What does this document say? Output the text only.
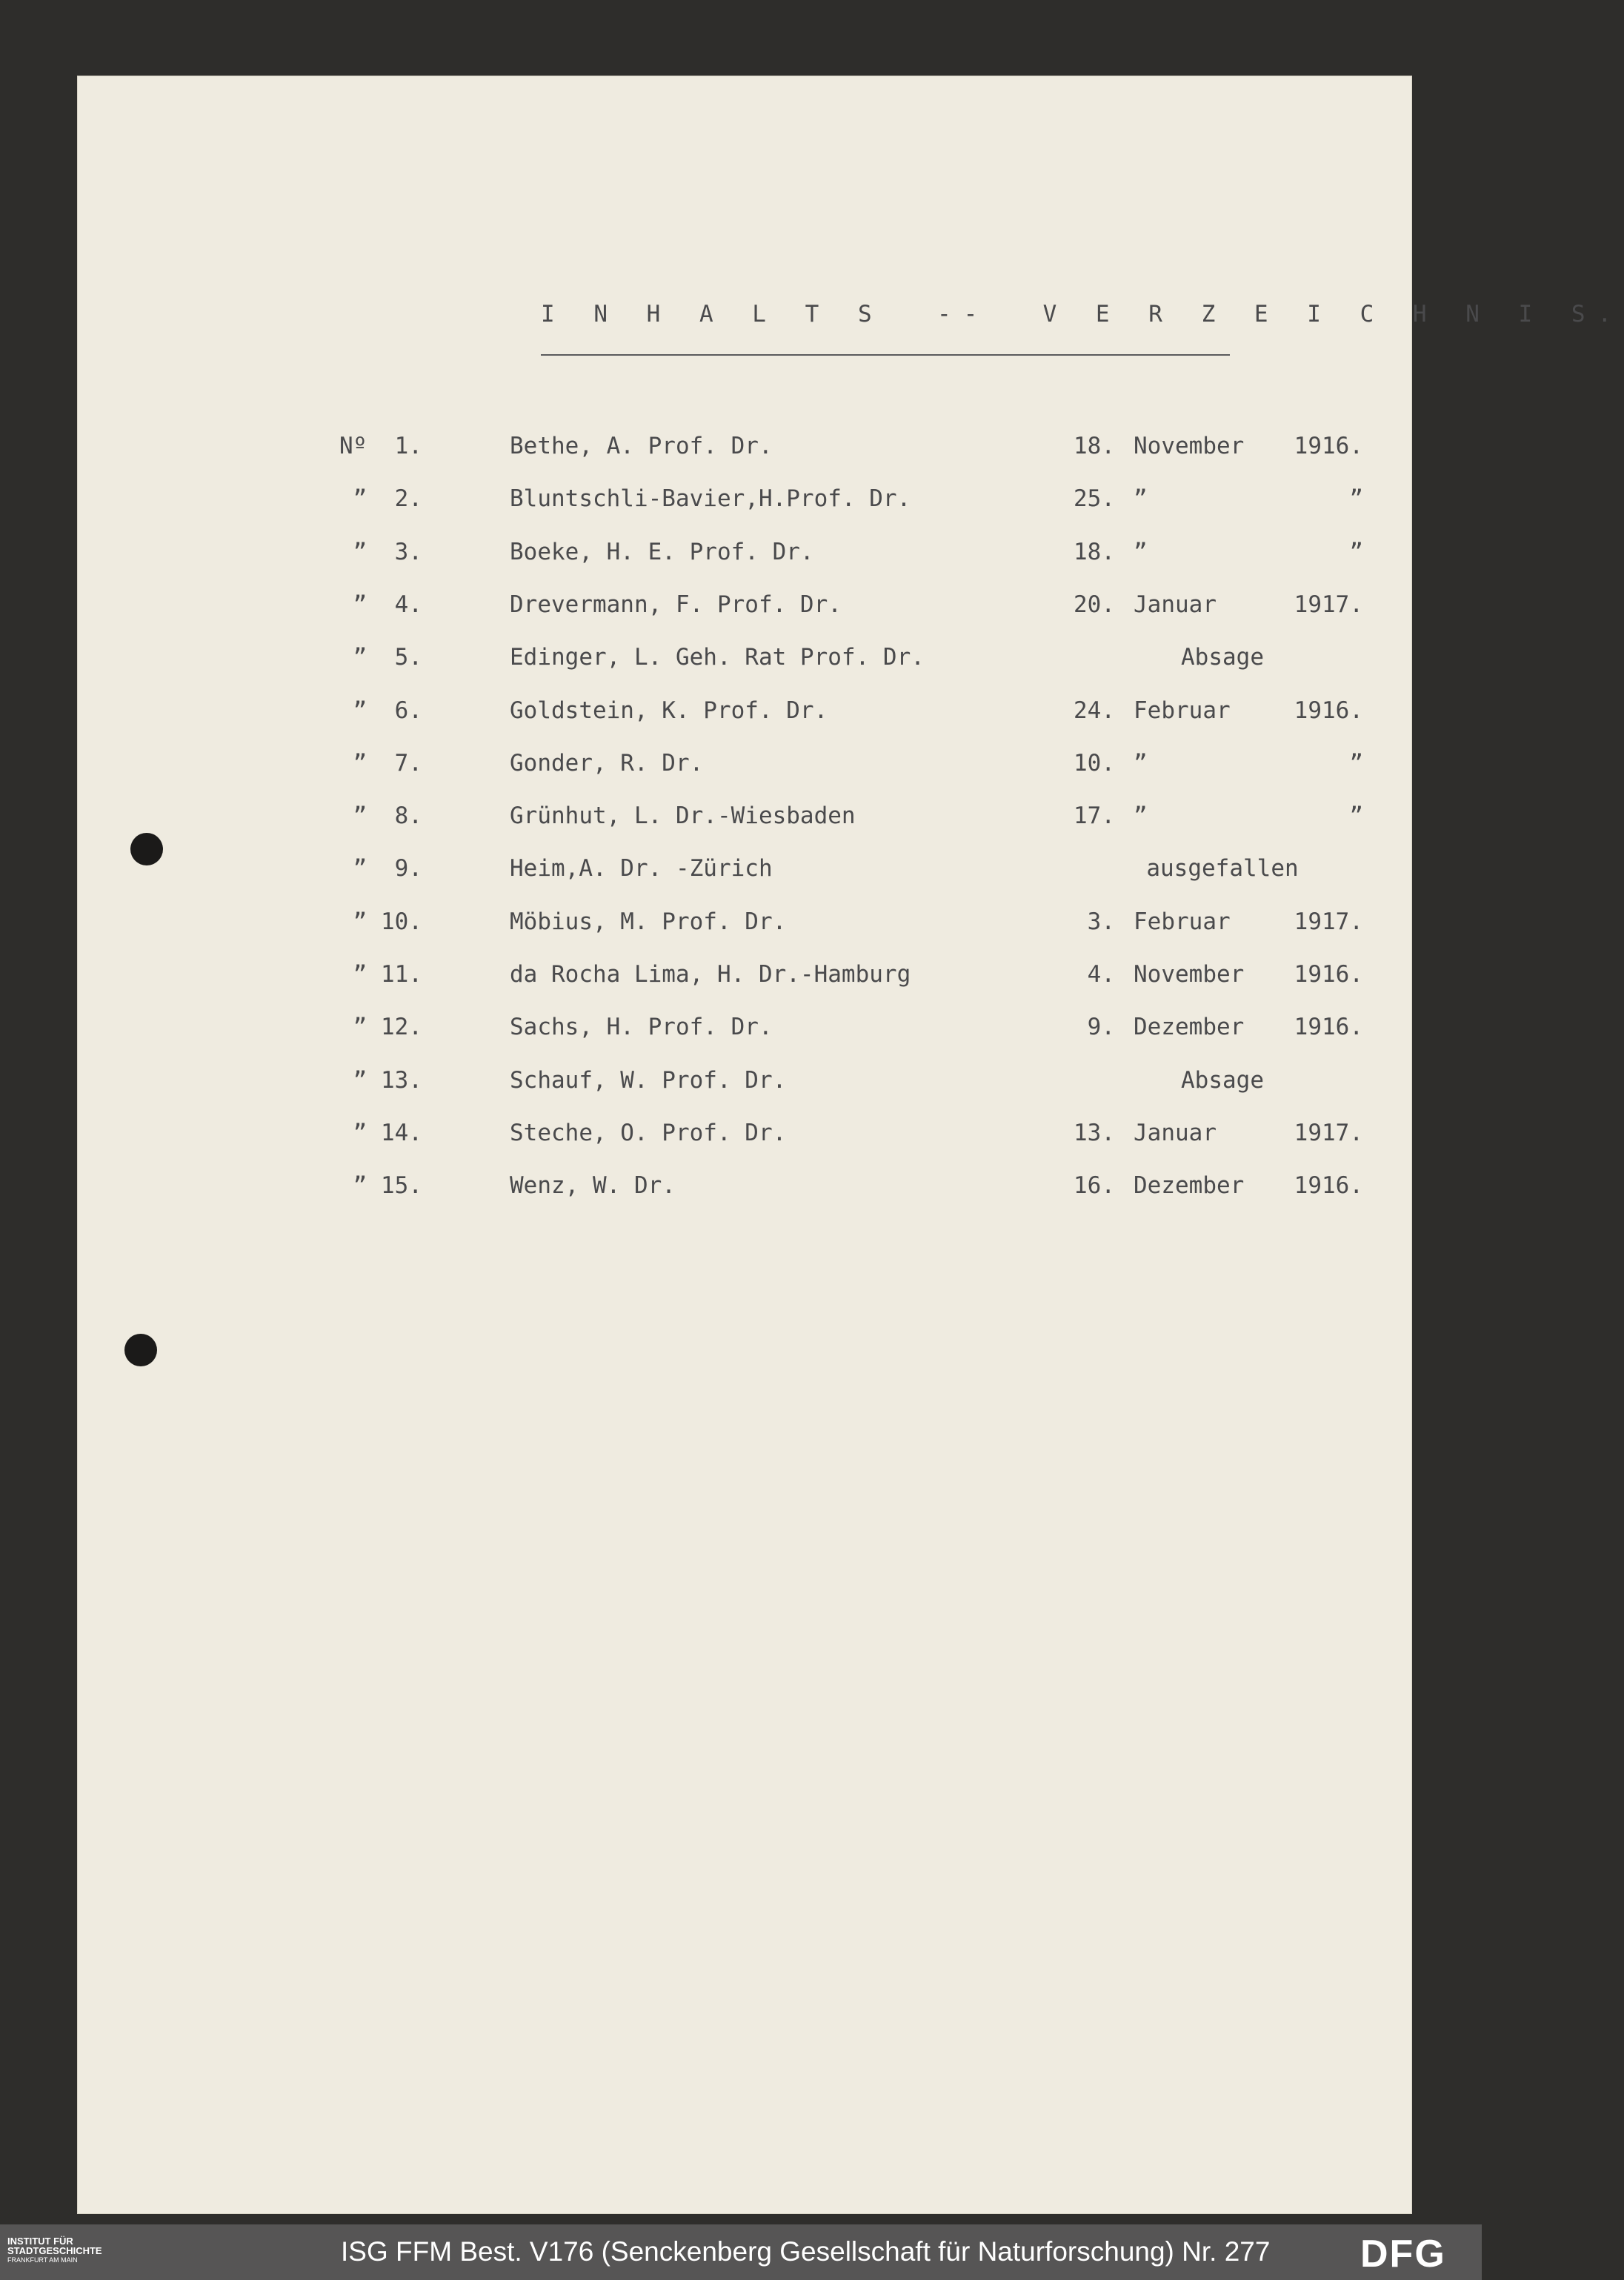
I N H A L T S  --  V E R Z E I C H N I S.
Nº  1.	Bethe, A. Prof. Dr.	18. November	1916.
”  2.	Bluntschli-Bavier,H.Prof. Dr.	25. ”	”
”  3.	Boeke, H. E. Prof. Dr.	18. ”	”
”  4.	Drevermann, F. Prof. Dr.	20. Januar	1917.
”  5.	Edinger, L. Geh. Rat Prof. Dr.	Absage
”  6.	Goldstein, K. Prof. Dr.	24. Februar	1916.
”  7.	Gonder, R. Dr.	10. ”	”
”  8.	Grünhut, L. Dr.-Wiesbaden	17. ”	”
”  9.	Heim,A. Dr. -Zürich	ausgefallen
” 10.	Möbius, M. Prof. Dr.	3. Februar	1917.
” 11.	da Rocha Lima, H. Dr.-Hamburg	4. November	1916.
” 12.	Sachs, H. Prof. Dr.	9. Dezember	1916.
” 13.	Schauf, W. Prof. Dr.	Absage
” 14.	Steche, O. Prof. Dr.	13. Januar	1917.
” 15.	Wenz, W. Dr.	16. Dezember	1916.
INSTITUT FÜR
STADTGESCHICHTE
FRANKFURT AM MAIN	ISG FFM Best. V176 (Senckenberg Gesellschaft für Naturforschung) Nr. 277 DFG
